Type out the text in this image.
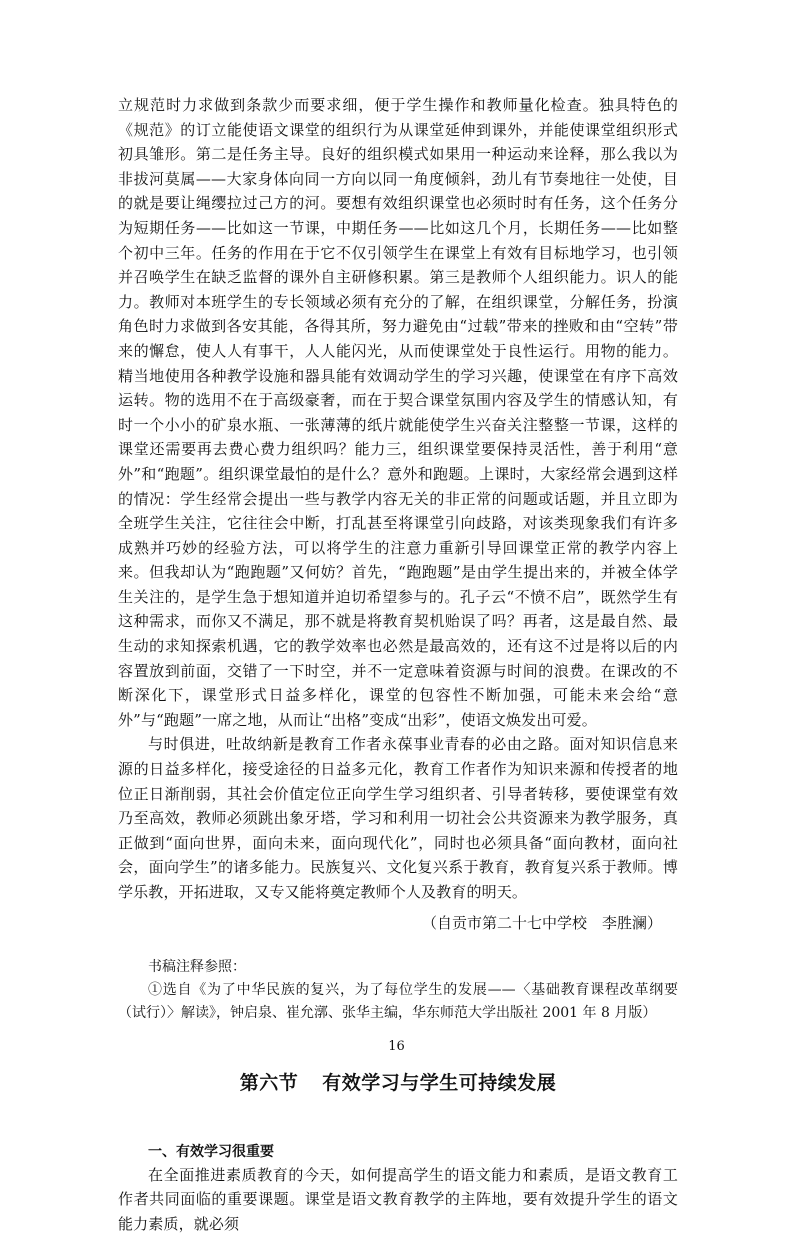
立规范时力求做到条款少而要求细，便于学生操作和教师量化检查。独具特色的《规范》的订立能使语文课堂的组织行为从课堂延伸到课外，并能使课堂组织形式初具雏形。第二是任务主导。良好的组织模式如果用一种运动来诠释，那么我以为非拔河莫属——大家身体向同一方向以同一角度倾斜，劲儿有节奏地往一处使，目的就是要让绳缨拉过己方的河。要想有效组织课堂也必须时时有任务，这个任务分为短期任务——比如这一节课，中期任务——比如这几个月，长期任务——比如整个初中三年。任务的作用在于它不仅引领学生在课堂上有效有目标地学习，也引领并召唤学生在缺乏监督的课外自主研修积累。第三是教师个人组织能力。识人的能力。教师对本班学生的专长领域必须有充分的了解，在组织课堂，分解任务，扮演角色时力求做到各安其能，各得其所，努力避免由“过载”带来的挫败和由“空转”带来的懈怠，使人人有事干，人人能闪光，从而使课堂处于良性运行。用物的能力。精当地使用各种教学设施和器具能有效调动学生的学习兴趣，使课堂在有序下高效运转。物的选用不在于高级豪奢，而在于契合课堂氛围内容及学生的情感认知，有时一个小小的矿泉水瓶、一张薄薄的纸片就能使学生兴奋关注整整一节课，这样的课堂还需要再去费心费力组织吗？能力三，组织课堂要保持灵活性，善于利用“意外”和“跑题”。组织课堂最怕的是什么？意外和跑题。上课时，大家经常会遇到这样的情况：学生经常会提出一些与教学内容无关的非正常的问题或话题，并且立即为全班学生关注，它往往会中断，打乱甚至将课堂引向歧路，对该类现象我们有许多成熟并巧妙的经验方法，可以将学生的注意力重新引导回课堂正常的教学内容上来。但我却认为“跑跑题”又何妨？首先，“跑跑题”是由学生提出来的，并被全体学生关注的，是学生急于想知道并迫切希望参与的。孔子云“不愤不启”，既然学生有这种需求，而你又不满足，那不就是将教育契机贻误了吗？再者，这是最自然、最生动的求知探索机遇，它的教学效率也必然是最高效的，还有这不过是将以后的内容置放到前面，交错了一下时空，并不一定意味着资源与时间的浪费。在课改的不断深化下，课堂形式日益多样化，课堂的包容性不断加强，可能未来会给“意外”与“跑题”一席之地，从而让“出格”变成“出彩”，使语文焕发出可爱。

与时俱进，吐故纳新是教育工作者永葆事业青春的必由之路。面对知识信息来源的日益多样化，接受途径的日益多元化，教育工作者作为知识来源和传授者的地位正日渐削弱，其社会价值定位正向学生学习组织者、引导者转移，要使课堂有效乃至高效，教师必须跳出象牙塔，学习和利用一切社会公共资源来为教学服务，真正做到“面向世界，面向未来，面向现代化”，同时也必须具备“面向教材，面向社会，面向学生”的诸多能力。民族复兴、文化复兴系于教育，教育复兴系于教师。博学乐教，开拓进取，又专又能将奠定教师个人及教育的明天。

（自贡市第二十七中学校　李胜澜）

书稿注释参照：

①选自《为了中华民族的复兴，为了每位学生的发展——〈基础教育课程改革纲要（试行）〉解读》，钟启泉、崔允漷、张华主编，华东师范大学出版社 2001 年 8 月版）

第六节 有效学习与学生可持续发展
一、有效学习很重要

在全面推进素质教育的今天，如何提高学生的语文能力和素质，是语文教育工作者共同面临的重要课题。课堂是语文教育教学的主阵地，要有效提升学生的语文能力素质，就必须

16
